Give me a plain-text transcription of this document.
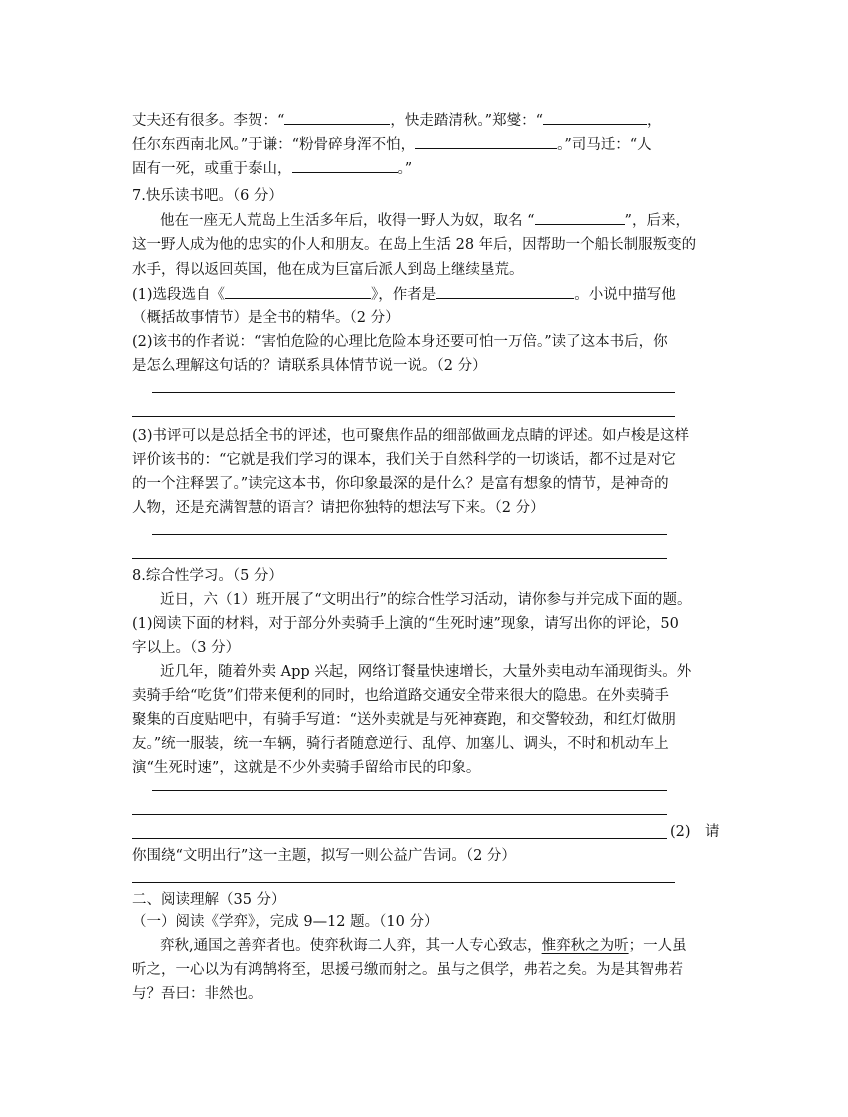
丈夫还有很多。李贺：“	，快走踏清秋。”郑燮：“	，
任尔东西南北风。”于谦：“粉骨碎身浑不怕，	。”司马迁：“人
固有一死，或重于泰山，	。”
7.快乐读书吧。（6 分）
他在一座无人荒岛上生活多年后，收得一野人为奴，取名 “	”，后来，
这一野人成为他的忠实的仆人和朋友。在岛上生活 28 年后，因帮助一个船长制服叛变的
水手，得以返回英国，他在成为巨富后派人到岛上继续垦荒。
(1)选段选自《	》，作者是	。小说中描写他
（概括故事情节）是全书的精华。（2 分）
(2)该书的作者说：“害怕危险的心理比危险本身还要可怕一万倍。”读了这本书后，你
是怎么理解这句话的？请联系具体情节说一说。（2 分）
(3)书评可以是总括全书的评述，也可聚焦作品的细部做画龙点睛的评述。如卢梭是这样
评价该书的：“它就是我们学习的课本，我们关于自然科学的一切谈话，都不过是对它
的一个注释罢了。”读完这本书，你印象最深的是什么？是富有想象的情节，是神奇的
人物，还是充满智慧的语言？请把你独特的想法写下来。（2 分）
8.综合性学习。（5 分）
近日，六（1）班开展了“文明出行”的综合性学习活动，请你参与并完成下面的题。
(1)阅读下面的材料，对于部分外卖骑手上演的“生死时速”现象，请写出你的评论，50
字以上。（3 分）
近几年，随着外卖 App 兴起，网络订餐量快速增长，大量外卖电动车涌现街头。外
卖骑手给“吃货”们带来便利的同时，也给道路交通安全带来很大的隐患。在外卖骑手
聚集的百度贴吧中，有骑手写道：“送外卖就是与死神赛跑，和交警较劲，和红灯做朋
友。”统一服装，统一车辆，骑行者随意逆行、乱停、加塞儿、调头，不时和机动车上
演“生死时速”，这就是不少外卖骑手留给市民的印象。
(2)　请
你围绕“文明出行”这一主题，拟写一则公益广告词。（2 分）
二、阅读理解（35 分）
（一）阅读《学弈》，完成 9—12 题。（10 分）
弈秋,通国之善弈者也。使弈秋诲二人弈，其一人专心致志，惟弈秋之为听；一人虽
听之，一心以为有鸿鹄将至，思援弓缴而射之。虽与之俱学，弗若之矣。为是其智弗若
与？吾曰：非然也。
